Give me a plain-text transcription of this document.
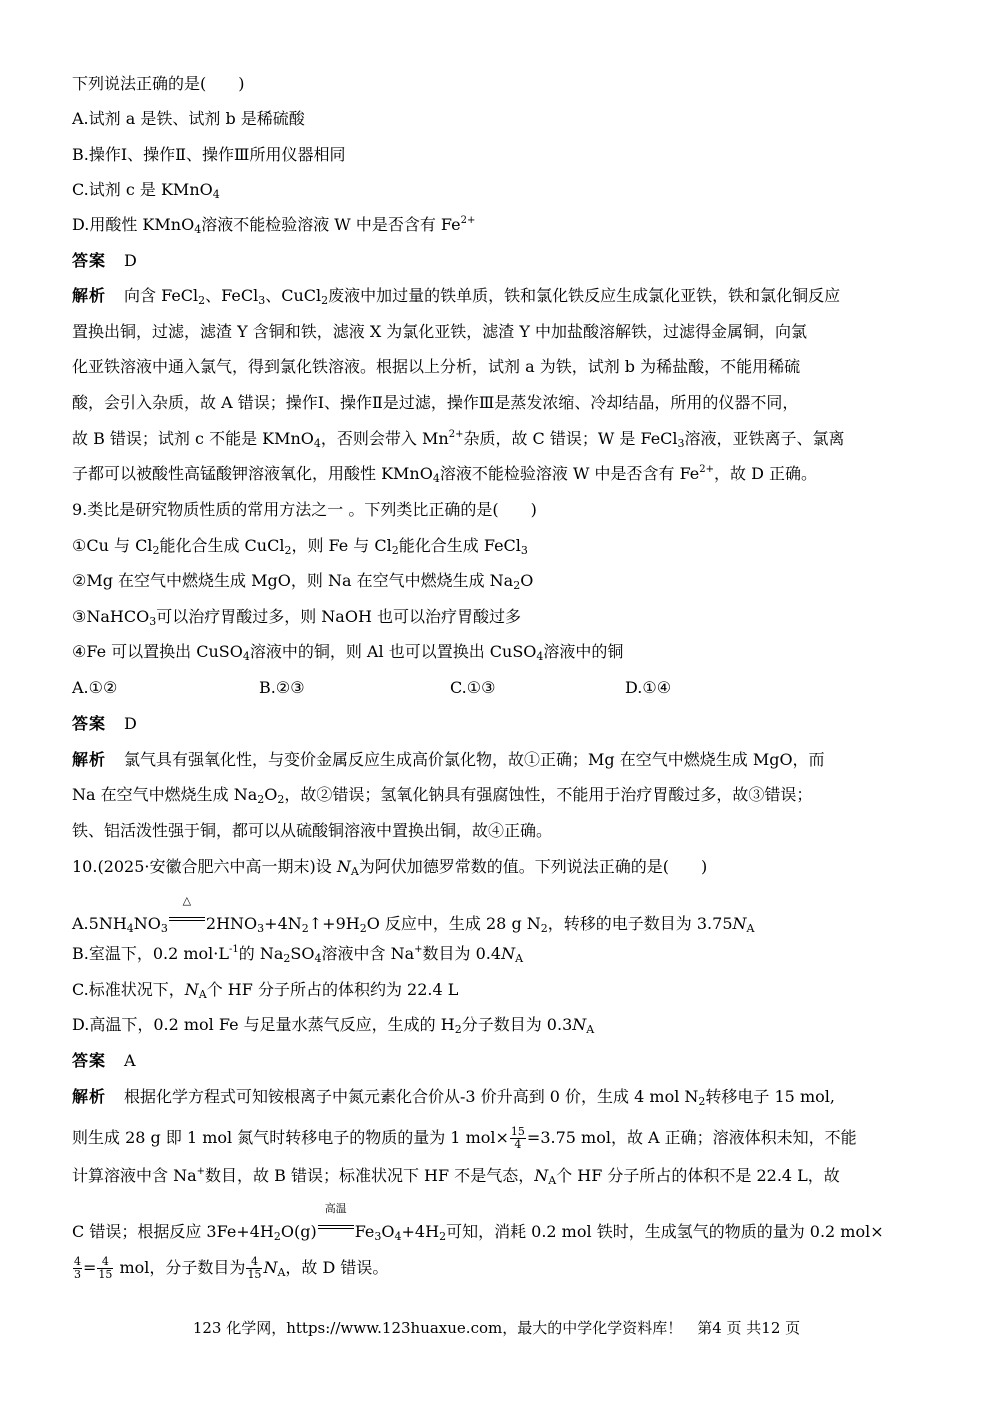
下列说法正确的是(　　)
A.试剂 a 是铁、试剂 b 是稀硫酸
B.操作Ⅰ、操作Ⅱ、操作Ⅲ所用仪器相同
C.试剂 c 是 KMnO$_4$
D.用酸性 KMnO$_4$溶液不能检验溶液 W 中是否含有 $Fe^{2+}$
答案 D
解析 向含 FeCl$_2$、FeCl$_3$、CuCl$_2$废液中加过量的铁单质，铁和氯化铁反应生成氯化亚铁，铁和氯化铜反应
置换出铜，过滤，滤渣 Y 含铜和铁，滤液 X 为氯化亚铁，滤渣 Y 中加盐酸溶解铁，过滤得金属铜，向氯
化亚铁溶液中通入氯气，得到氯化铁溶液。根据以上分析，试剂 a 为铁，试剂 b 为稀盐酸，不能用稀硫
酸，会引入杂质，故 A 错误；操作Ⅰ、操作Ⅱ是过滤，操作Ⅲ是蒸发浓缩、冷却结晶，所用的仪器不同，
故 B 错误；试剂 c 不能是 KMnO$_4$，否则会带入 $Mn^{2+}$杂质，故 C 错误；W 是 FeCl$_3$溶液，亚铁离子、氯离
子都可以被酸性高锰酸钾溶液氧化，用酸性 KMnO$_4$溶液不能检验溶液 W 中是否含有 $Fe^{2+}$，故 D 正确。
9.类比是研究物质性质的常用方法之一 。下列类比正确的是(　　)
①Cu 与 $Cl_2$能化合生成 CuCl$_2$，则 Fe 与 $Cl_2$能化合生成 FeCl$_3$
②Mg 在空气中燃烧生成 MgO，则 Na 在空气中燃烧生成 $Na_2O$
③NaHCO$_3$可以治疗胃酸过多，则 NaOH 也可以治疗胃酸过多
④Fe 可以置换出 CuSO$_4$溶液中的铜，则 Al 也可以置换出 CuSO$_4$溶液中的铜
A.①②	B.②③	C.①③	D.①④
答案 D
解析 氯气具有强氧化性，与变价金属反应生成高价氯化物，故①正确；Mg 在空气中燃烧生成 MgO，而
Na 在空气中燃烧生成 $Na_2O_2$，故②错误；氢氧化钠具有强腐蚀性，不能用于治疗胃酸过多，故③错误；
铁、铝活泼性强于铜，都可以从硫酸铜溶液中置换出铜，故④正确。
10.(2025·安徽合肥六中高一期末)设 $N_A$为阿伏加德罗常数的值。下列说法正确的是(　　)
$A.5NH_4NO_3$
△
$2HNO_3+4N_2↑+9H_2O$ 反应中，生成 28 g $N_2$，转移的电子数目为 $3.75N_A$
B.室温下，0.2 $mol\cdot L^{-1}$的 $Na_2SO_4$溶液中含 Na+数目为 $0.4N_A$
C.标准状况下，$N_A$个 HF 分子所占的体积约为 22.4 L
D.高温下，0.2 mol Fe 与足量水蒸气反应，生成的 $H_2$分子数目为 $0.3N_A$
答案 A
解析 根据化学方程式可知铵根离子中氮元素化合价从-3 价升高到 0 价，生成 4 mol $N_2$转移电子 15 mol,
则生成 28 g 即 1 mol 氮气时转移电子的物质的量为 1 $mol\times \frac{15}{4} =3.75$ mol，故 A 正确；溶液体积未知，不能
计算溶液中含 Na+数目，故 B 错误；标准状况下 HF 不是气态，$N_A$个 HF 分子所占的体积不是 22.4 L，故
C 错误；根据反应 $3Fe+4H_2O(g)$
高温
$Fe_3O_4+4H_2$可知，消耗 0.2 mol 铁时，生成氢气的物质的量为 0.2 mol×
$\frac{4}{3} = \frac{4}{15}$ mol，分子数目为 $\frac{4}{15} N_A$，故 D 错误。
123 化学网，https://www.123huaxue.com，最大的中学化学资料库！　第4 页 共12 页
